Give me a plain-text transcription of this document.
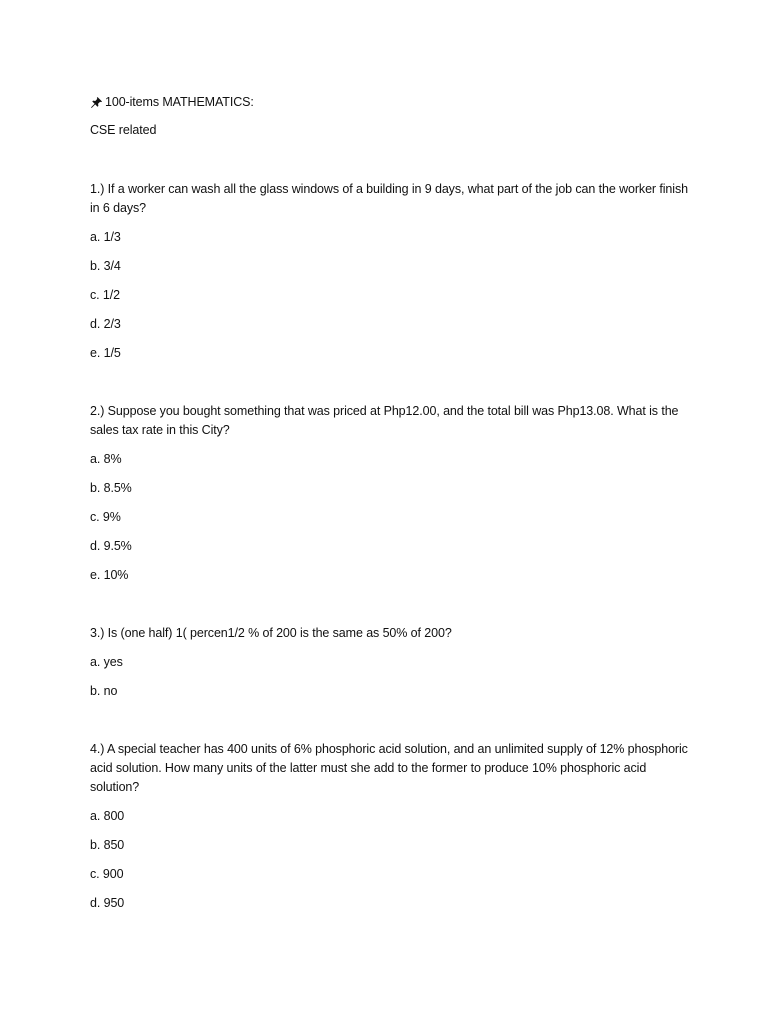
100-items MATHEMATICS:
CSE related

1.) If a worker can wash all the glass windows of a building in 9 days, what part of the job can the worker finish in 6 days?

a. 1/3
b. 3/4
c. 1/2
d. 2/3
e. 1/5

2.) Suppose you bought something that was priced at Php12.00, and the total bill was Php13.08. What is the sales tax rate in this City?

a. 8%
b. 8.5%
c. 9%
d. 9.5%
e. 10%

3.) Is (one half) 1( percen1/2 % of 200 is the same as 50% of 200?

a. yes
b. no

4.) A special teacher has 400 units of 6% phosphoric acid solution, and an unlimited supply of 12% phosphoric acid solution. How many units of the latter must she add to the former to produce 10% phosphoric acid solution?

a. 800
b. 850
c. 900
d. 950
